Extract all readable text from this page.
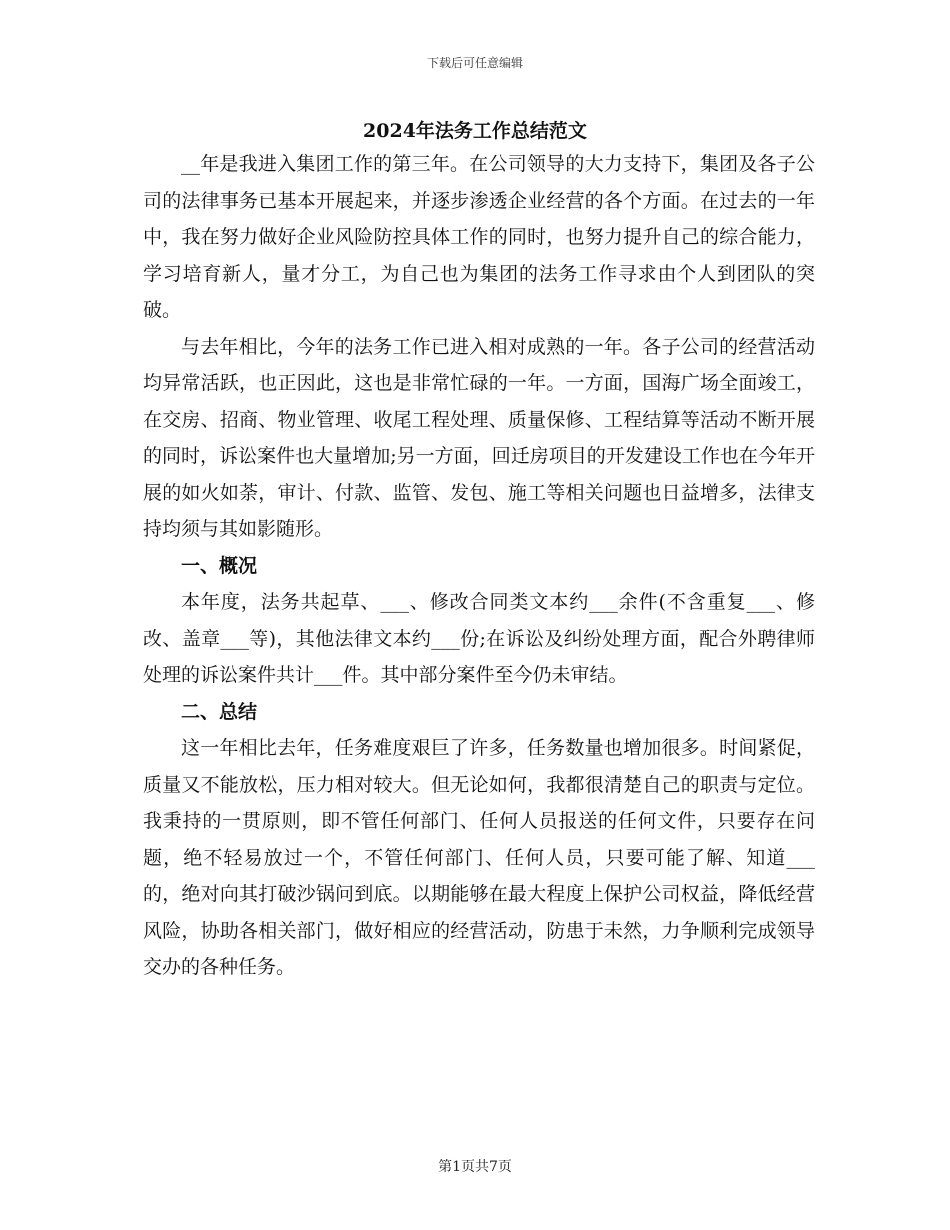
下载后可任意编辑
2024年法务工作总结范文

__年是我进入集团工作的第三年。在公司领导的大力支持下，集团及各子公司的法律事务已基本开展起来，并逐步渗透企业经营的各个方面。在过去的一年中，我在努力做好企业风险防控具体工作的同时，也努力提升自己的综合能力，学习培育新人，量才分工，为自己也为集团的法务工作寻求由个人到团队的突破。

与去年相比，今年的法务工作已进入相对成熟的一年。各子公司的经营活动均异常活跃，也正因此，这也是非常忙碌的一年。一方面，国海广场全面竣工，在交房、招商、物业管理、收尾工程处理、质量保修、工程结算等活动不断开展的同时，诉讼案件也大量增加;另一方面，回迁房项目的开发建设工作也在今年开展的如火如荼，审计、付款、监管、发包、施工等相关问题也日益增多，法律支持均须与其如影随形。

一、概况

本年度，法务共起草、___、修改合同类文本约___余件(不含重复___、修改、盖章___等)，其他法律文本约___份;在诉讼及纠纷处理方面，配合外聘律师处理的诉讼案件共计___件。其中部分案件至今仍未审结。

二、总结

这一年相比去年，任务难度艰巨了许多，任务数量也增加很多。时间紧促，质量又不能放松，压力相对较大。但无论如何，我都很清楚自己的职责与定位。我秉持的一贯原则，即不管任何部门、任何人员报送的任何文件，只要存在问题，绝不轻易放过一个，不管任何部门、任何人员，只要可能了解、知道___的，绝对向其打破沙锅问到底。以期能够在最大程度上保护公司权益，降低经营风险，协助各相关部门，做好相应的经营活动，防患于未然，力争顺利完成领导交办的各种任务。

第1页共7页
